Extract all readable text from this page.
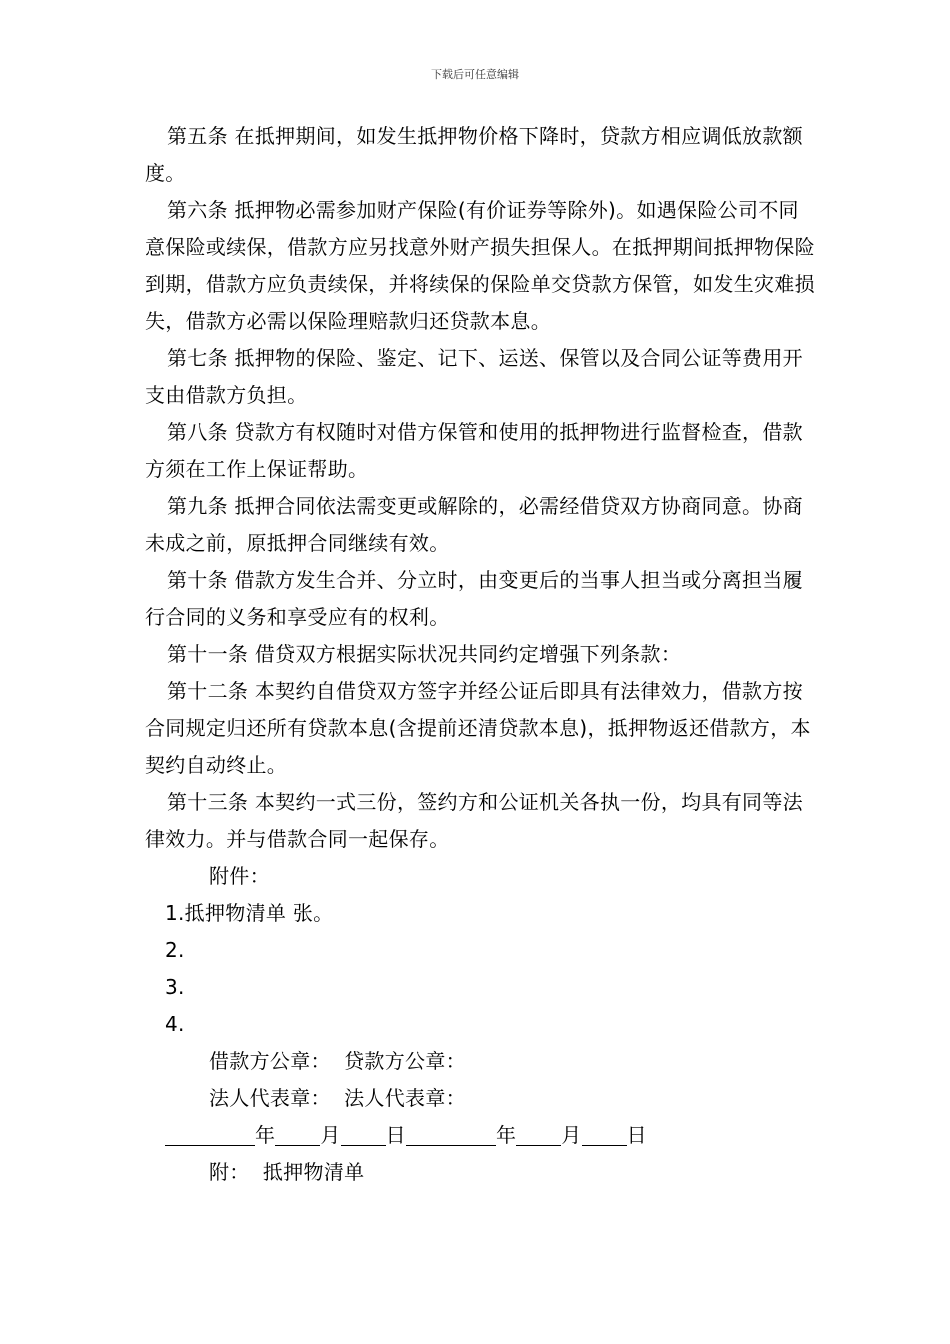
下载后可任意编辑

第五条 在抵押期间，如发生抵押物价格下降时，贷款方相应调低放款额度。

第六条 抵押物必需参加财产保险(有价证券等除外)。如遇保险公司不同意保险或续保，借款方应另找意外财产损失担保人。在抵押期间抵押物保险到期，借款方应负责续保，并将续保的保险单交贷款方保管，如发生灾难损失，借款方必需以保险理赔款归还贷款本息。

第七条 抵押物的保险、鉴定、记下、运送、保管以及合同公证等费用开支由借款方负担。

第八条 贷款方有权随时对借方保管和使用的抵押物进行监督检查，借款方须在工作上保证帮助。

第九条 抵押合同依法需变更或解除的，必需经借贷双方协商同意。协商未成之前，原抵押合同继续有效。

第十条 借款方发生合并、分立时，由变更后的当事人担当或分离担当履行合同的义务和享受应有的权利。

第十一条 借贷双方根据实际状况共同约定增强下列条款：

第十二条 本契约自借贷双方签字并经公证后即具有法律效力，借款方按合同规定归还所有贷款本息(含提前还清贷款本息)，抵押物返还借款方，本契约自动终止。

第十三条 本契约一式三份，签约方和公证机关各执一份，均具有同等法律效力。并与借款合同一起保存。

附件：

1.抵押物清单 张。

2.

3.

4.

借款方公章：  贷款方公章：

法人代表章：  法人代表章：

年 月 日	年 月 日

附：  抵押物清单
